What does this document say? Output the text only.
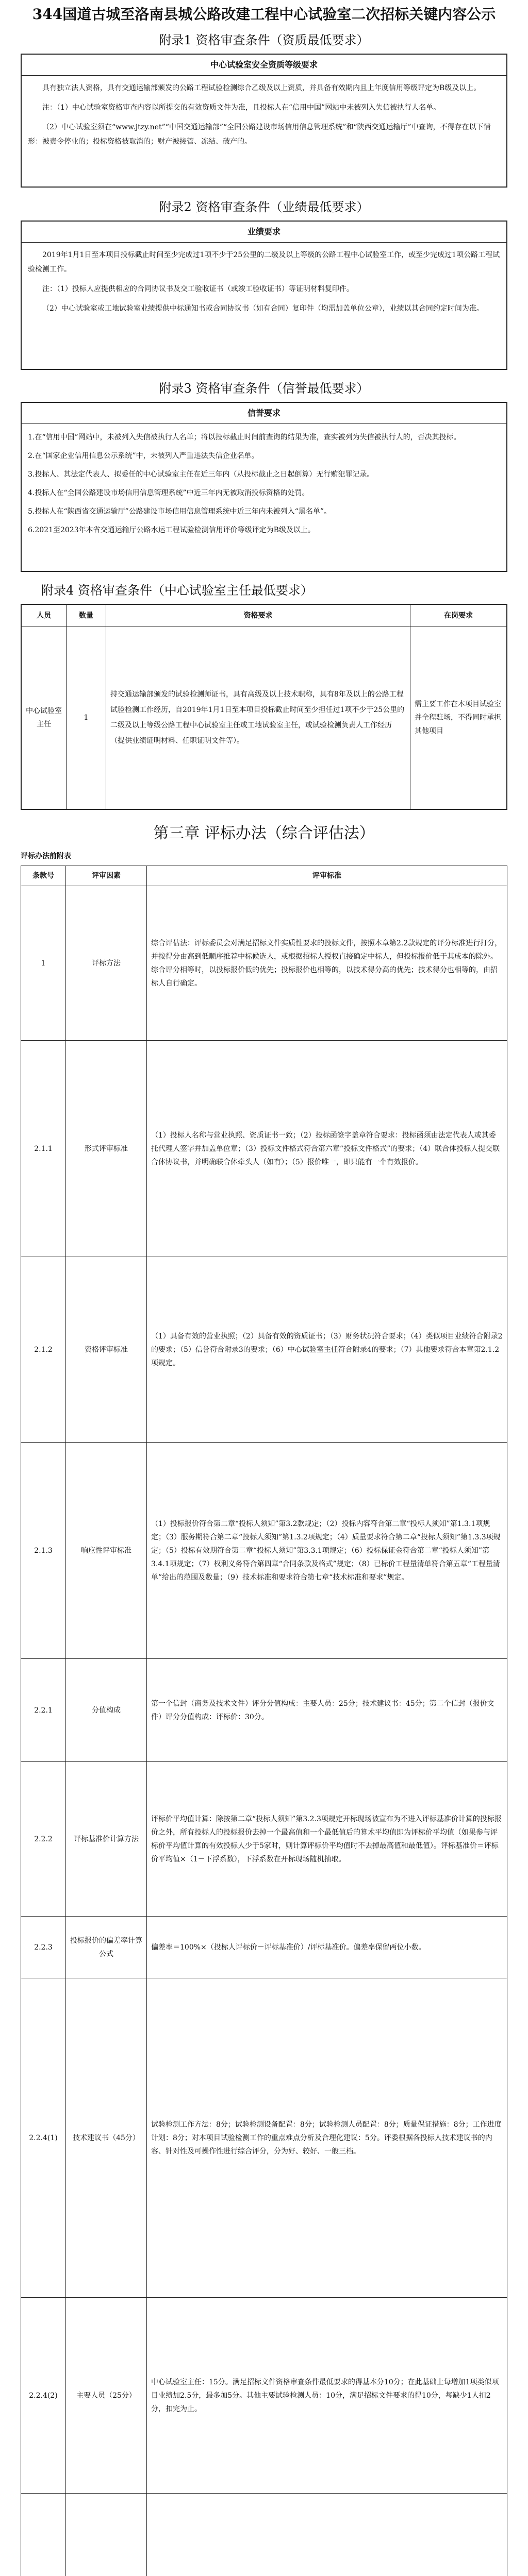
344国道古城至洛南县城公路改建工程中心试验室二次招标关键内容公示
附录1 资格审查条件（资质最低要求）
中心试验室安全资质等级要求

具有独立法人资格，具有交通运输部颁发的公路工程试验检测综合乙级及以上资质，并具备有效期内且上年度信用等级评定为B级及以上。

注：（1）中心试验室资格审查内容以所提交的有效资质文件为准，且投标人在“信用中国”网站中未被列入失信被执行人名单。

（2）中心试验室须在“www.jtzy.net”“中国交通运输部”“全国公路建设市场信用信息管理系统”和“陕西交通运输厅”中查询，不得存在以下情形：被责令停业的；投标资格被取消的；财产被接管、冻结、破产的。

附录2 资格审查条件（业绩最低要求）
业绩要求

2019年1月1日至本项目投标截止时间至少完成过1项不少于25公里的二级及以上等级的公路工程中心试验室工作，或至少完成过1项公路工程试验检测工作。

注：（1）投标人应提供相应的合同协议书及交工验收证书（或竣工验收证书）等证明材料复印件。

（2）中心试验室或工地试验室业绩提供中标通知书或合同协议书（如有合同）复印件（均需加盖单位公章），业绩以其合同约定时间为准。

附录3 资格审查条件（信誉最低要求）
信誉要求
1.在“信用中国”网站中，未被列入失信被执行人名单；将以投标截止时间前查询的结果为准，查实被列为失信被执行人的，否决其投标。
2.在“国家企业信用信息公示系统”中，未被列入严重违法失信企业名单。
3.投标人、其法定代表人、拟委任的中心试验室主任在近三年内（从投标截止之日起倒算）无行贿犯罪记录。
4.投标人在“全国公路建设市场信用信息管理系统”中近三年内无被取消投标资格的处罚。
5.投标人在“陕西省交通运输厅”公路建设市场信用信息管理系统中近三年内未被列入“黑名单”。
6.2021至2023年本省交通运输厅公路水运工程试验检测信用评价等级评定为B级及以上。
附录4 资格审查条件（中心试验室主任最低要求）
人员	数量	资格要求	在岗要求
中心试验室主任	1	持交通运输部颁发的试验检测师证书，具有高级及以上技术职称，具有8年及以上的公路工程试验检测工作经历，自2019年1月1日至本项目投标截止时间至少担任过1项不少于25公里的二级及以上等级公路工程中心试验室主任或工地试验室主任，或试验检测负责人工作经历（提供业绩证明材料、任职证明文件等）。	需主要工作在本项目试验室并全程驻场，不得同时承担其他项目
第三章 评标办法（综合评估法）
评标办法前附表
条款号	评审因素	评审标准
1	评标方法	综合评估法：评标委员会对满足招标文件实质性要求的投标文件，按照本章第2.2款规定的评分标准进行打分，并按得分由高到低顺序推荐中标候选人，或根据招标人授权直接确定中标人，但投标报价低于其成本的除外。综合评分相等时，以投标报价低的优先；投标报价也相等的，以技术得分高的优先；技术得分也相等的，由招标人自行确定。
2.1.1	形式评审标准	（1）投标人名称与营业执照、资质证书一致；（2）投标函签字盖章符合要求：投标函须由法定代表人或其委托代理人签字并加盖单位章；（3）投标文件格式符合第六章“投标文件格式”的要求；（4）联合体投标人提交联合体协议书，并明确联合体牵头人（如有）；（5）报价唯一，即只能有一个有效报价。
2.1.2	资格评审标准	（1）具备有效的营业执照；（2）具备有效的资质证书；（3）财务状况符合要求；（4）类似项目业绩符合附录2的要求；（5）信誉符合附录3的要求；（6）中心试验室主任符合附录4的要求；（7）其他要求符合本章第2.1.2项规定。
2.1.3	响应性评审标准	（1）投标报价符合第二章“投标人须知”第3.2款规定；（2）投标内容符合第二章“投标人须知”第1.3.1项规定；（3）服务期符合第二章“投标人须知”第1.3.2项规定；（4）质量要求符合第二章“投标人须知”第1.3.3项规定；（5）投标有效期符合第二章“投标人须知”第3.3.1项规定；（6）投标保证金符合第二章“投标人须知”第3.4.1项规定；（7）权利义务符合第四章“合同条款及格式”规定；（8）已标价工程量清单符合第五章“工程量清单”给出的范围及数量；（9）技术标准和要求符合第七章“技术标准和要求”规定。
2.2.1	分值构成	第一个信封（商务及技术文件）评分分值构成：主要人员：25分；技术建议书：45分；第二个信封（报价文件）评分分值构成：评标价：30分。
2.2.2	评标基准价计算方法	评标价平均值计算：除按第二章“投标人须知”第3.2.3项规定开标现场被宣布为不进入评标基准价计算的投标报价之外，所有投标人的投标报价去掉一个最高值和一个最低值后的算术平均值即为评标价平均值（如果参与评标价平均值计算的有效投标人少于5家时，则计算评标价平均值时不去掉最高值和最低值）。评标基准价＝评标价平均值×（1－下浮系数），下浮系数在开标现场随机抽取。
2.2.3	投标报价的偏差率计算公式	偏差率＝100%×（投标人评标价－评标基准价）/评标基准价。偏差率保留两位小数。
2.2.4(1)	技术建议书（45分）	试验检测工作方法：8分；试验检测设备配置：8分；试验检测人员配置：8分；质量保证措施：8分；工作进度计划：8分；对本项目试验检测工作的重点难点分析及合理化建议：5分。评委根据各投标人技术建议书的内容、针对性及可操作性进行综合评分，分为好、较好、一般三档。
2.2.4(2)	主要人员（25分）	中心试验室主任：15分。满足招标文件资格审查条件最低要求的得基本分10分；在此基础上每增加1项类似项目业绩加2.5分，最多加5分。其他主要试验检测人员：10分，满足招标文件要求的得10分，每缺少1人扣2分，扣完为止。
